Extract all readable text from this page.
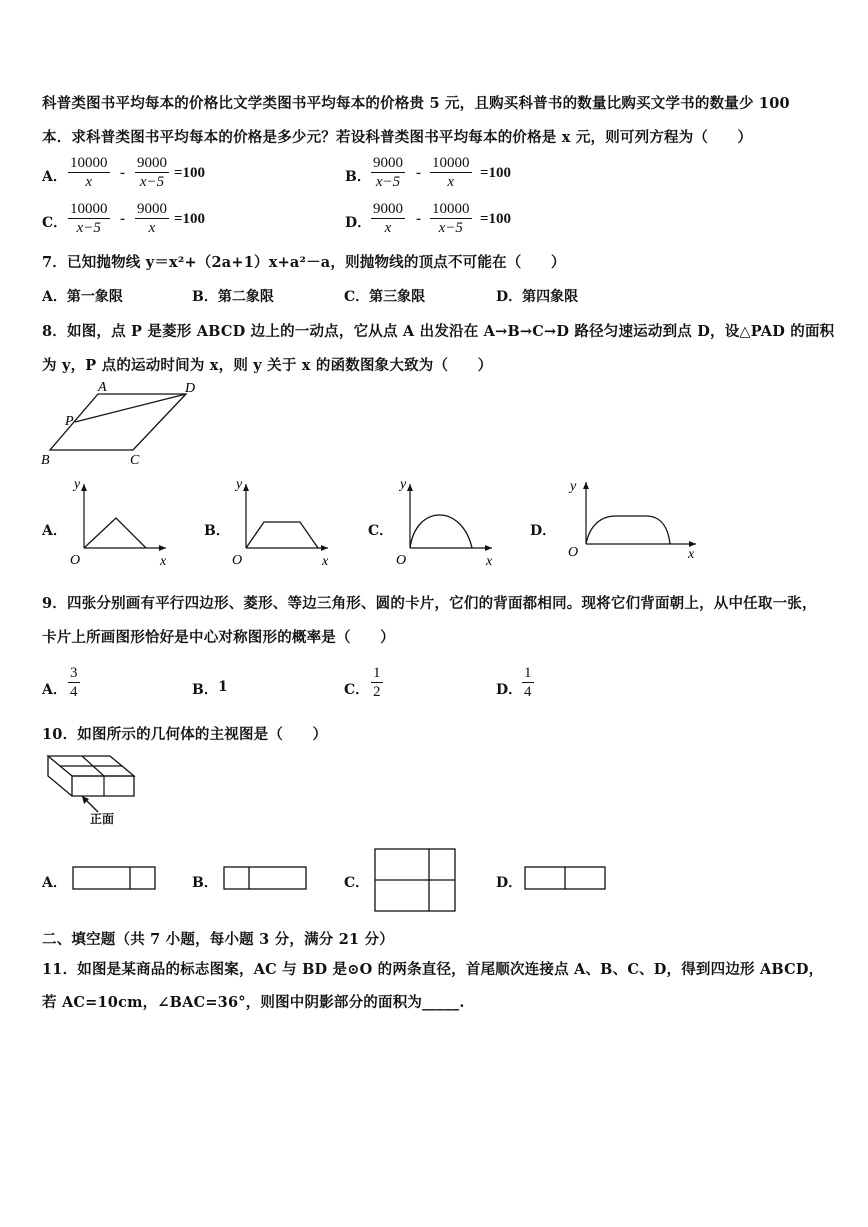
科普类图书平均每本的价格比文学类图书平均每本的价格贵 5 元，且购买科普书的数量比购买文学书的数量少 100
本．求科普类图书平均每本的价格是多少元？若设科普类图书平均每本的价格是 x 元，则可列方程为（　　）
A．
10000
x
-
9000
x−5
=100	B．
9000
x−5
-
10000
x
=100
C．
10000
x−5
-
9000
x
=100	D．
9000
x
-
10000
x−5
=100
7．已知抛物线 y＝x²+（2a+1）x+a²－a，则抛物线的顶点不可能在（　　）
A．第一象限	B．第二象限	C．第三象限	D．第四象限
8．如图，点 P 是菱形 ABCD 边上的一动点，它从点 A 出发沿在 A→B→C→D 路径匀速运动到点 D，设△PAD 的面积
为 y，P 点的运动时间为 x，则 y 关于 x 的函数图象大致为（　　）
A	D
P
B	C
A．
y
O	x
B．
y
O	x
C．
y
O	x
D．
y
O	x
9．四张分别画有平行四边形、菱形、等边三角形、圆的卡片，它们的背面都相同。现将它们背面朝上，从中任取一张，
卡片上所画图形恰好是中心对称图形的概率是（　　）
A．
3
4	B． 1	C．
1
2	D．
1
4
10．如图所示的几何体的主视图是（　　）
正面
A．	B．	C．	D．
二、填空题（共 7 小题，每小题 3 分，满分 21 分）
11．如图是某商品的标志图案，AC 与 BD 是⊙O 的两条直径，首尾顺次连接点 A、B、C、D，得到四边形 ABCD，
若 AC=10cm，∠BAC=36°，则图中阴影部分的面积为_____.
